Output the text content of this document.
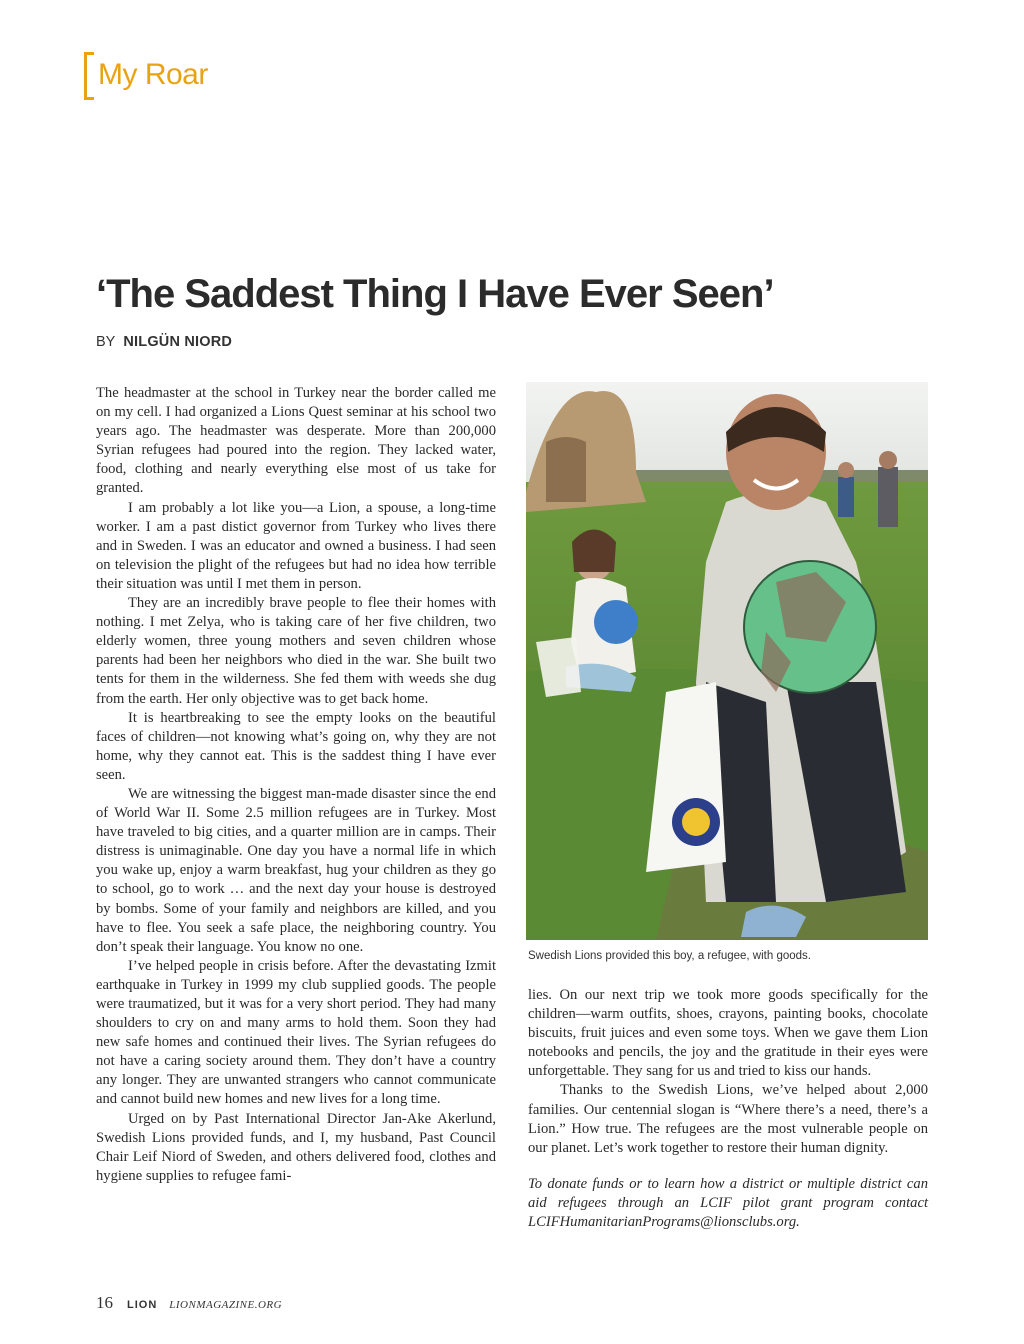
My Roar
‘The Saddest Thing I Have Ever Seen’
BY NILGÜN NIORD

The headmaster at the school in Turkey near the border called me on my cell. I had organized a Lions Quest seminar at his school two years ago. The headmaster was desperate. More than 200,000 Syrian refugees had poured into the region. They lacked water, food, clothing and nearly everything else most of us take for granted.

I am probably a lot like you—a Lion, a spouse, a long-time worker. I am a past distict governor from Turkey who lives there and in Sweden. I was an educator and owned a business. I had seen on television the plight of the refugees but had no idea how terrible their situation was until I met them in person.

They are an incredibly brave people to flee their homes with nothing. I met Zelya, who is taking care of her five children, two elderly women, three young mothers and seven children whose parents had been her neighbors who died in the war. She built two tents for them in the wilderness. She fed them with weeds she dug from the earth. Her only objective was to get back home.

It is heartbreaking to see the empty looks on the beautiful faces of children—not knowing what’s going on, why they are not home, why they cannot eat. This is the saddest thing I have ever seen.

We are witnessing the biggest man-made disaster since the end of World War II. Some 2.5 million refugees are in Turkey. Most have traveled to big cities, and a quarter million are in camps. Their distress is unimaginable. One day you have a normal life in which you wake up, enjoy a warm breakfast, hug your children as they go to school, go to work … and the next day your house is destroyed by bombs. Some of your family and neighbors are killed, and you have to flee. You seek a safe place, the neighboring country. You don’t speak their language. You know no one.

I’ve helped people in crisis before. After the devastating Izmit earthquake in Turkey in 1999 my club supplied goods. The people were traumatized, but it was for a very short period. They had many shoulders to cry on and many arms to hold them. Soon they had new safe homes and continued their lives. The Syrian refugees do not have a caring society around them. They don’t have a country any longer. They are unwanted strangers who cannot communicate and cannot build new homes and new lives for a long time.

Urged on by Past International Director Jan-Ake Akerlund, Swedish Lions provided funds, and I, my husband, Past Council Chair Leif Niord of Sweden, and others delivered food, clothes and hygiene supplies to refugee fami-

Swedish Lions provided this boy, a refugee, with goods.

lies. On our next trip we took more goods specifically for the children—warm outfits, shoes, crayons, painting books, chocolate biscuits, fruit juices and even some toys. When we gave them Lion notebooks and pencils, the joy and the gratitude in their eyes were unforgettable. They sang for us and tried to kiss our hands.

Thanks to the Swedish Lions, we’ve helped about 2,000 families. Our centennial slogan is “Where there’s a need, there’s a Lion.” How true. The refugees are the most vulnerable people on our planet. Let’s work together to restore their human dignity.

To donate funds or to learn how a district or multiple district can aid refugees through an LCIF pilot grant program contact LCIFHumanitarianPrograms@lionsclubs.org.

16 LION LIONMAGAZINE.ORG
